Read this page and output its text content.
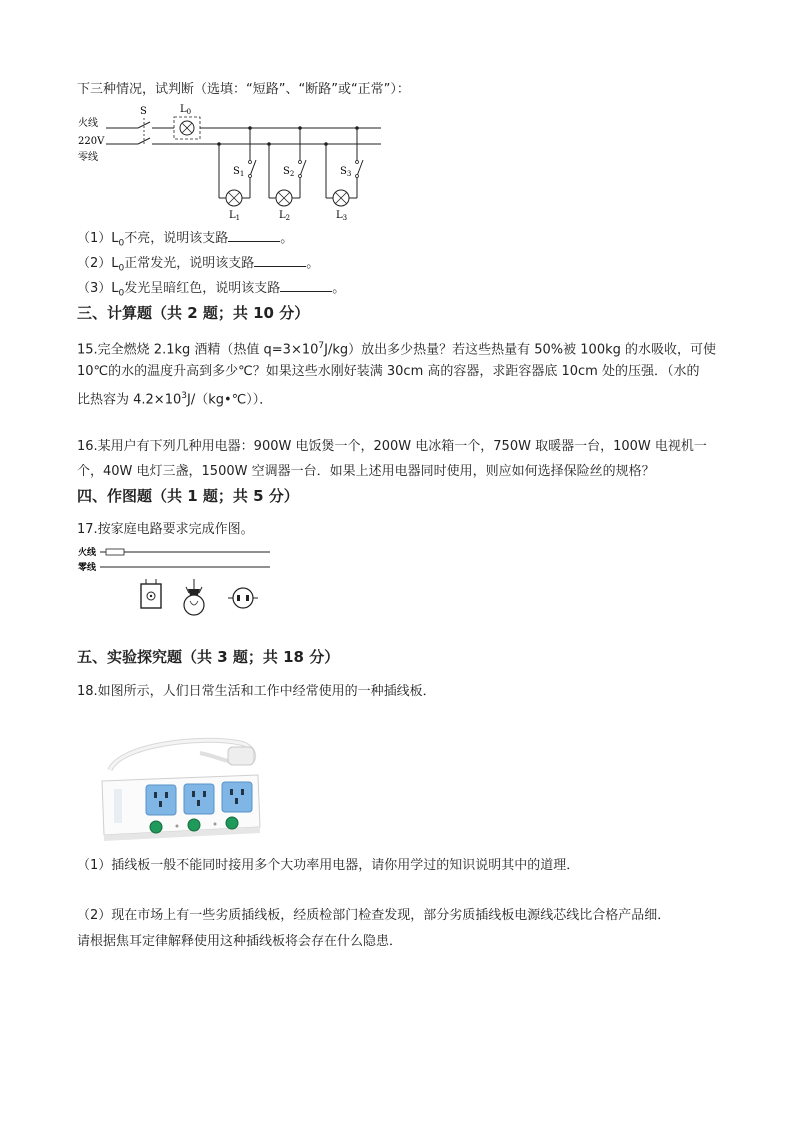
下三种情况，试判断（选填：“短路”、“断路”或“正常”）：
火线
220V
零线
S	$L_0$
$S_1$
$L_1$
$S_2$
$L_2$
$S_3$
$L_3$
$(1)L_0$不亮，说明该支路	。
$(2)L_0$正常发光，说明该支路	。
$(3)L_0$发光呈暗红色，说明该支路	。
三、计算题（共 2 题；共 10 分）
15.完全燃烧 2.1kg 酒精（热值 $q=3\times 10^7J/kg$）放出多少热量？若这些热量有 50%被 100kg 的水吸收，可使
10℃的水的温度升高到多少℃？如果这些水刚好装满 30cm 高的容器，求距容器底 10cm 处的压强．（水的
比热容为 $4.2\times 10^3J/(kg•℃)$）．
16.某用户有下列几种用电器：900W 电饭煲一个，200W 电冰箱一个，750W 取暖器一台，100W 电视机一
个，40W 电灯三盏，1500W 空调器一台．如果上述用电器同时使用，则应如何选择保险丝的规格？
四、作图题（共 1 题；共 5 分）
17.按家庭电路要求完成作图。
火线
零线
五、实验探究题（共 3 题；共 18 分）
18.如图所示，人们日常生活和工作中经常使用的一种插线板．
（1）插线板一般不能同时接用多个大功率用电器，请你用学过的知识说明其中的道理．
（2）现在市场上有一些劣质插线板，经质检部门检查发现，部分劣质插线板电源线芯线比合格产品细．
请根据焦耳定律解释使用这种插线板将会存在什么隐患．
